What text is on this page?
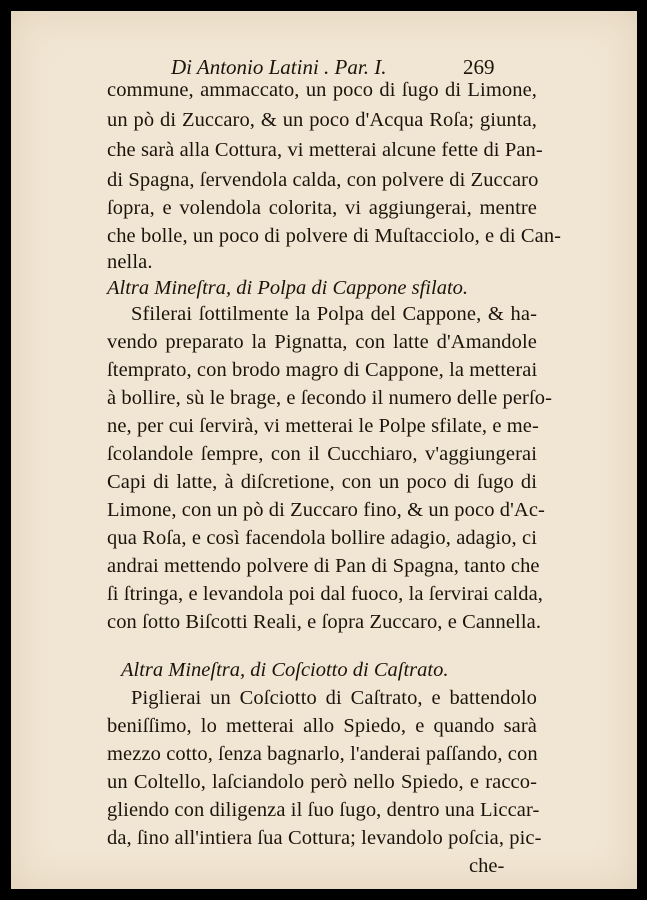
Di Antonio Latini . Par. I.	269
commune, ammaccato, un poco di ſugo di Limone,
un pò di Zuccaro, & un poco d'Acqua Roſa; giunta,
che sarà alla Cottura, vi metterai alcune fette di Pan-
di Spagna, ſervendola calda, con polvere di Zuccaro
ſopra, e volendola colorita, vi aggiungerai, mentre
che bolle, un poco di polvere di Muſtacciolo, e di Can-
nella.
Altra Mineſtra, di Polpa di Cappone sfilato.
Sfilerai ſottilmente la Polpa del Cappone, & ha-
vendo preparato la Pignatta, con latte d'Amandole
ſtemprato, con brodo magro di Cappone, la metterai
à bollire, sù le brage, e ſecondo il numero delle perſo-
ne, per cui ſervirà, vi metterai le Polpe sfilate, e me-
ſcolandole ſempre, con il Cucchiaro, v'aggiungerai
Capi di latte, à diſcretione, con un poco di ſugo di
Limone, con un pò di Zuccaro fino, & un poco d'Ac-
qua Roſa, e così facendola bollire adagio, adagio, ci
andrai mettendo polvere di Pan di Spagna, tanto che
ſi ſtringa, e levandola poi dal fuoco, la ſervirai calda,
con ſotto Biſcotti Reali, e ſopra Zuccaro, e Cannella.
Altra Mineſtra, di Coſciotto di Caſtrato.
Piglierai un Coſciotto di Caſtrato, e battendolo
beniſſimo, lo metterai allo Spiedo, e quando sarà
mezzo cotto, ſenza bagnarlo, l'anderai paſſando, con
un Coltello, laſciandolo però nello Spiedo, e racco-
gliendo con diligenza il ſuo ſugo, dentro una Liccar-
da, ſino all'intiera ſua Cottura; levandolo poſcia, pic-
che-
